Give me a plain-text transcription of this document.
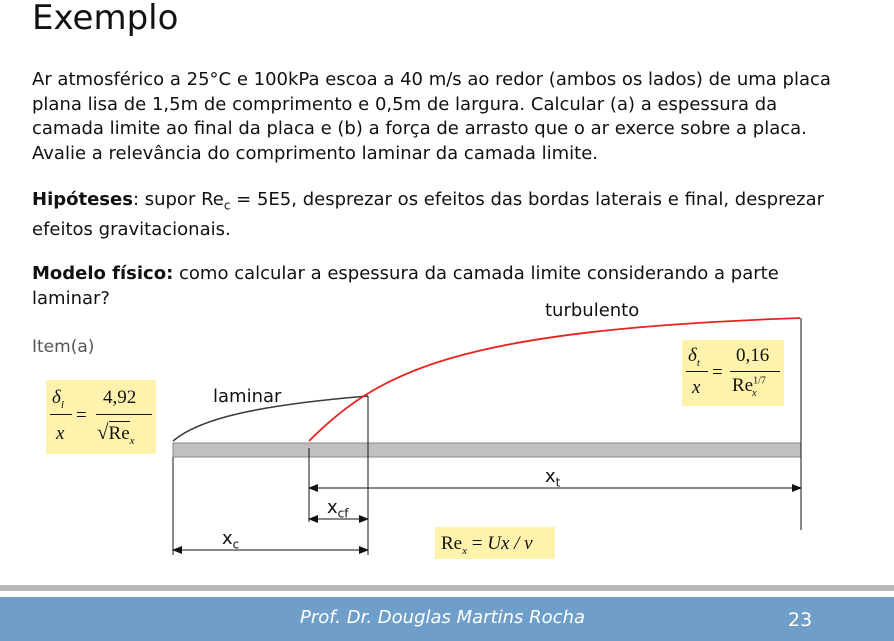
Exemplo
Ar atmosférico a 25°C e 100kPa escoa a 40 m/s ao redor (ambos os lados) de uma placa plana lisa de 1,5m de comprimento e 0,5m de largura. Calcular (a) a espessura da camada limite ao final da placa e (b) a força de arrasto que o ar exerce sobre a placa. Avalie a relevância do comprimento laminar da camada limite.
Hipóteses: supor $Re_c = 5E5$, desprezar os efeitos das bordas laterais e final, desprezar efeitos gravitacionais.
Modelo físico: como calcular a espessura da camada limite considerando a parte laminar?
Item(a)
laminar
turbulento
$x_t$
$x_{cf}$
$x_c$
$\delta_l$
x
=
4,92
$√Re_x$
$\delta_t$
x
=
0,16
$Re^{1/7}_x$
$Re_x = Ux / \nu$
Prof. Dr. Douglas Martins Rocha	23
